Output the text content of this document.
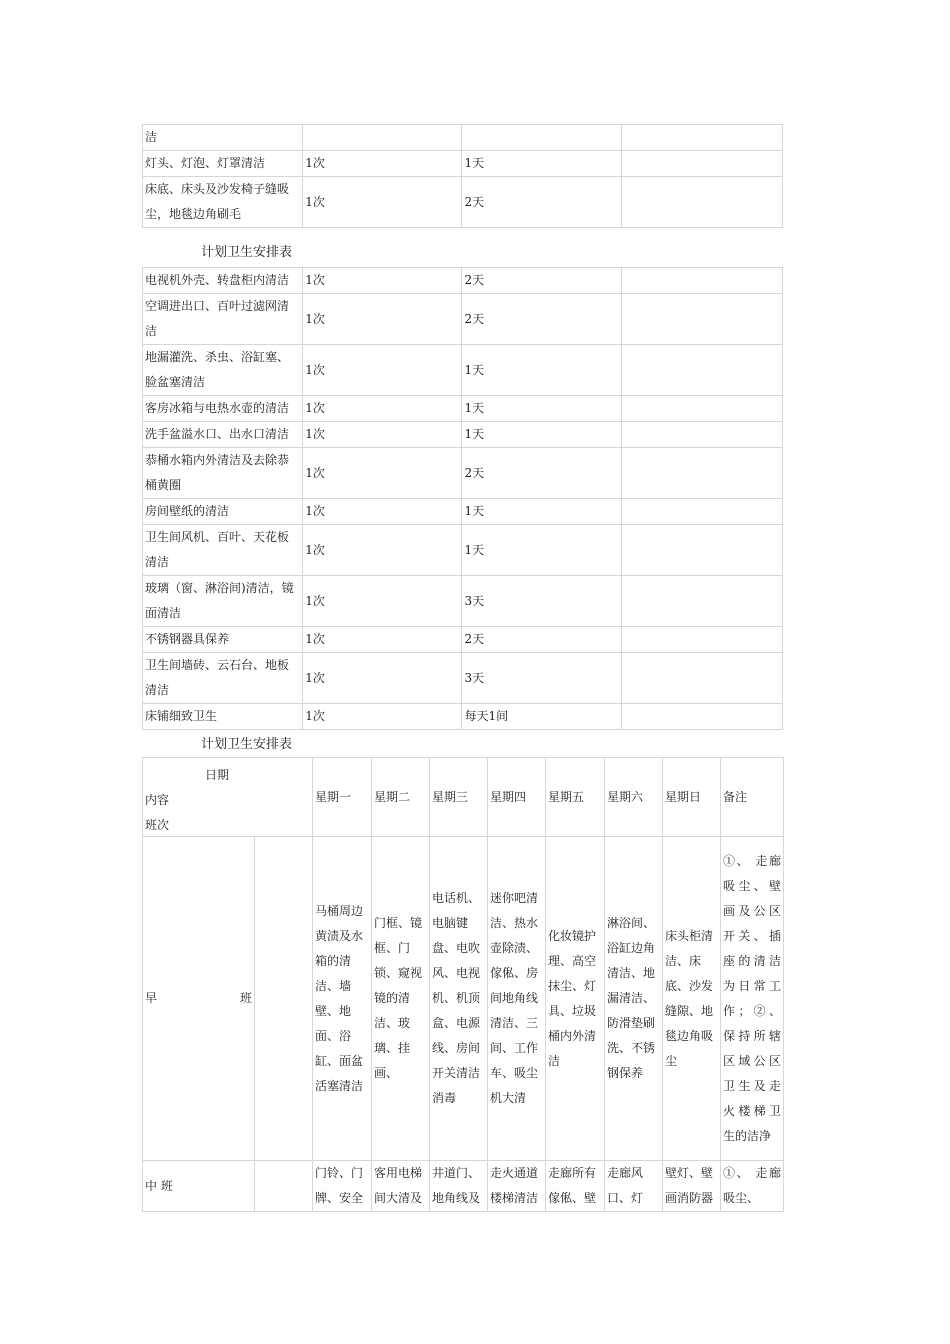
洁			
灯头、灯泡、灯罩清洁	1次	1天	
床底、床头及沙发椅子缝吸尘，地毯边角刷毛	1次	2天	
计划卫生安排表
电视机外壳、转盘柜内清洁	1次	2天	
空调进出口、百叶过滤网清洁	1次	2天	
地漏灌洗、杀虫、浴缸塞、脸盆塞清洁	1次	1天	
客房冰箱与电热水壶的清洁	1次	1天	
洗手盆溢水口、出水口清洁	1次	1天	
恭桶水箱内外清洁及去除恭桶黄圈	1次	2天	
房间壁纸的清洁	1次	1天	
卫生间风机、百叶、天花板清洁	1次	1天	
玻璃（窗、淋浴间)清洁，镜面清洁	1次	3天	
不锈钢器具保养	1次	2天	
卫生间墙砖、云石台、地板清洁	1次	3天	
床铺细致卫生	1次	每天1间	
计划卫生安排表
日期
内容
班次		星期一	星期二	星期三	星期四	星期五	星期六	星期日	备注
早班		马桶周边黄渍及水箱的清洁、墙壁、地面、浴缸、面盆活塞清洁	门框、镜框、门锁、窥视镜的清洁、玻璃、挂画、	电话机、电脑键盘、电吹风、电视机、机顶盒、电源线、房间开关清洁消毒	迷你吧清洁、热水壶除渍、傢俬、房间地角线清洁、三间、工作车、吸尘机大清	化妆镜护理、高空抹尘、灯具、垃圾桶内外清洁	淋浴间、浴缸边角清洁、地漏清洁、防滑垫刷洗、不锈钢保养	床头柜清洁、床底、沙发缝隙、地毯边角吸尘	①、 走廊吸尘、壁画及公区开关、插座的清洁为日常工作；②、 保持所辖区域公区卫生及走火楼梯卫生的洁净
中 班		门铃、门牌、安全	客用电梯间大清及	井道门、地角线及	走火通道楼梯清洁	走廊所有傢俬、壁	走廊风口、灯	壁灯、壁画消防器	①、 走廊吸尘、
